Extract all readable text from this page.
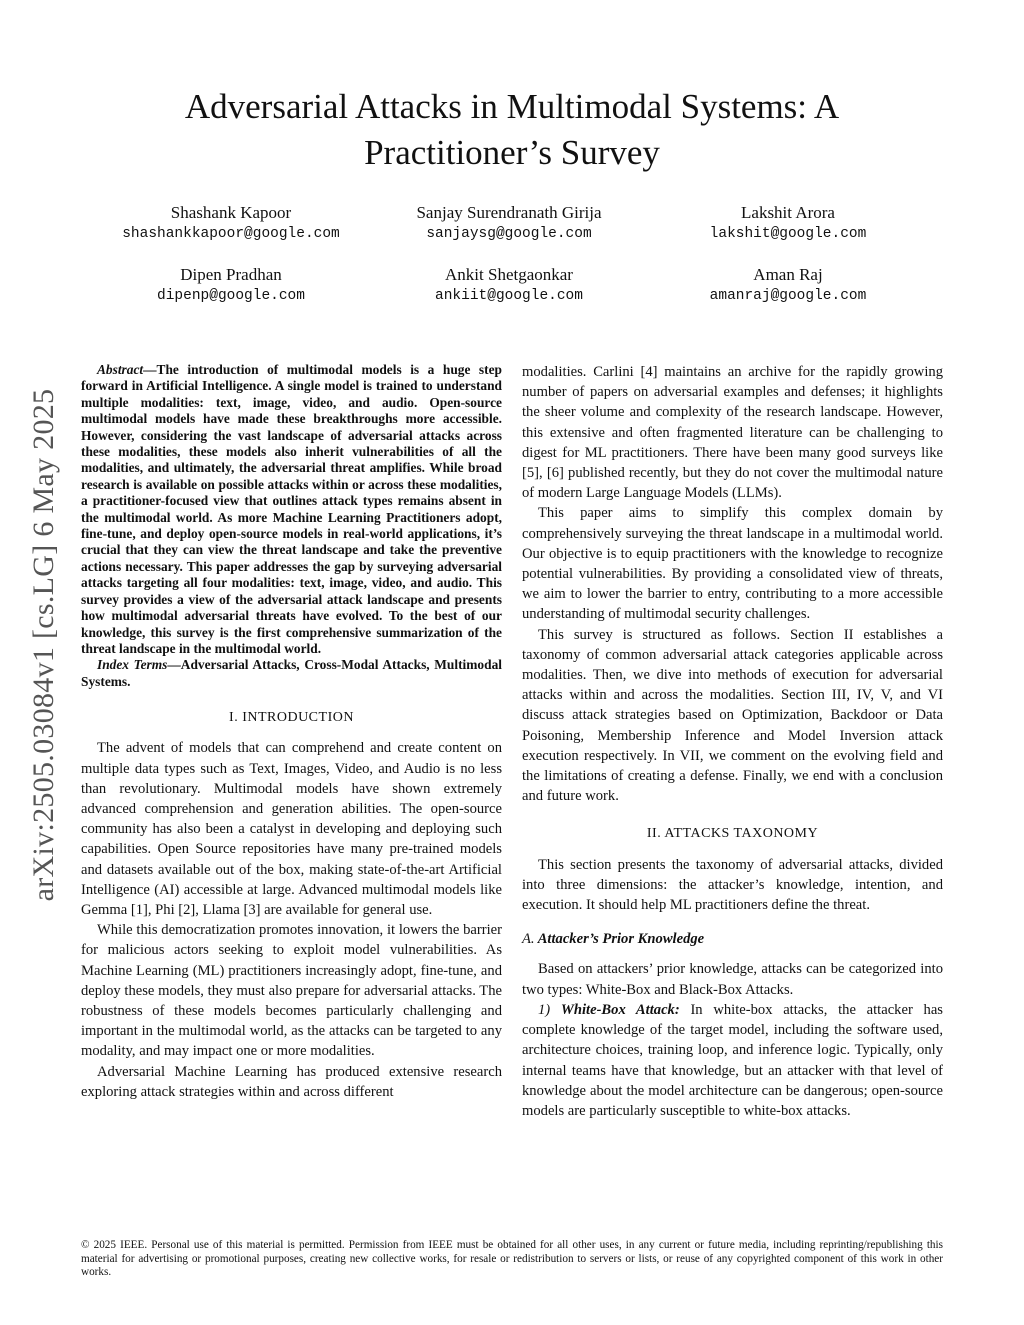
Adversarial Attacks in Multimodal Systems: A Practitioner’s Survey
Shashank Kapoor
shashankkapoor@google.com
Sanjay Surendranath Girija
sanjaysg@google.com
Lakshit Arora
lakshit@google.com
Dipen Pradhan
dipenp@google.com
Ankit Shetgaonkar
ankiit@google.com
Aman Raj
amanraj@google.com
arXiv:2505.03084v1 [cs.LG] 6 May 2025

Abstract—The introduction of multimodal models is a huge step forward in Artificial Intelligence. A single model is trained to understand multiple modalities: text, image, video, and audio. Open-source multimodal models have made these breakthroughs more accessible. However, considering the vast landscape of adversarial attacks across these modalities, these models also inherit vulnerabilities of all the modalities, and ultimately, the adversarial threat amplifies. While broad research is available on possible attacks within or across these modalities, a practitioner-focused view that outlines attack types remains absent in the multimodal world. As more Machine Learning Practitioners adopt, fine-tune, and deploy open-source models in real-world applications, it’s crucial that they can view the threat landscape and take the preventive actions necessary. This paper addresses the gap by surveying adversarial attacks targeting all four modalities: text, image, video, and audio. This survey provides a view of the adversarial attack landscape and presents how multimodal adversarial threats have evolved. To the best of our knowledge, this survey is the first comprehensive summarization of the threat landscape in the multimodal world.

Index Terms—Adversarial Attacks, Cross-Modal Attacks, Multimodal Systems.

I. INTRODUCTION

The advent of models that can comprehend and create content on multiple data types such as Text, Images, Video, and Audio is no less than revolutionary. Multimodal models have shown extremely advanced comprehension and generation abilities. The open-source community has also been a catalyst in developing and deploying such capabilities. Open Source repositories have many pre-trained models and datasets available out of the box, making state-of-the-art Artificial Intelligence (AI) accessible at large. Advanced multimodal models like Gemma [1], Phi [2], Llama [3] are available for general use.

While this democratization promotes innovation, it lowers the barrier for malicious actors seeking to exploit model vulnerabilities. As Machine Learning (ML) practitioners increasingly adopt, fine-tune, and deploy these models, they must also prepare for adversarial attacks. The robustness of these models becomes particularly challenging and important in the multimodal world, as the attacks can be targeted to any modality, and may impact one or more modalities.

Adversarial Machine Learning has produced extensive research exploring attack strategies within and across different

modalities. Carlini [4] maintains an archive for the rapidly growing number of papers on adversarial examples and defenses; it highlights the sheer volume and complexity of the research landscape. However, this extensive and often fragmented literature can be challenging to digest for ML practitioners. There have been many good surveys like [5], [6] published recently, but they do not cover the multimodal nature of modern Large Language Models (LLMs).

This paper aims to simplify this complex domain by comprehensively surveying the threat landscape in a multimodal world. Our objective is to equip practitioners with the knowledge to recognize potential vulnerabilities. By providing a consolidated view of threats, we aim to lower the barrier to entry, contributing to a more accessible understanding of multimodal security challenges.

This survey is structured as follows. Section II establishes a taxonomy of common adversarial attack categories applicable across modalities. Then, we dive into methods of execution for adversarial attacks within and across the modalities. Section III, IV, V, and VI discuss attack strategies based on Optimization, Backdoor or Data Poisoning, Membership Inference and Model Inversion attack execution respectively. In VII, we comment on the evolving field and the limitations of creating a defense. Finally, we end with a conclusion and future work.

II. ATTACKS TAXONOMY

This section presents the taxonomy of adversarial attacks, divided into three dimensions: the attacker’s knowledge, intention, and execution. It should help ML practitioners define the threat.

A. Attacker’s Prior Knowledge

Based on attackers’ prior knowledge, attacks can be categorized into two types: White-Box and Black-Box Attacks.

1) White-Box Attack: In white-box attacks, the attacker has complete knowledge of the target model, including the software used, architecture choices, training loop, and inference logic. Typically, only internal teams have that knowledge, but an attacker with that level of knowledge about the model architecture can be dangerous; open-source models are particularly susceptible to white-box attacks.

© 2025 IEEE. Personal use of this material is permitted. Permission from IEEE must be obtained for all other uses, in any current or future media, including reprinting/republishing this material for advertising or promotional purposes, creating new collective works, for resale or redistribution to servers or lists, or reuse of any copyrighted component of this work in other works.
